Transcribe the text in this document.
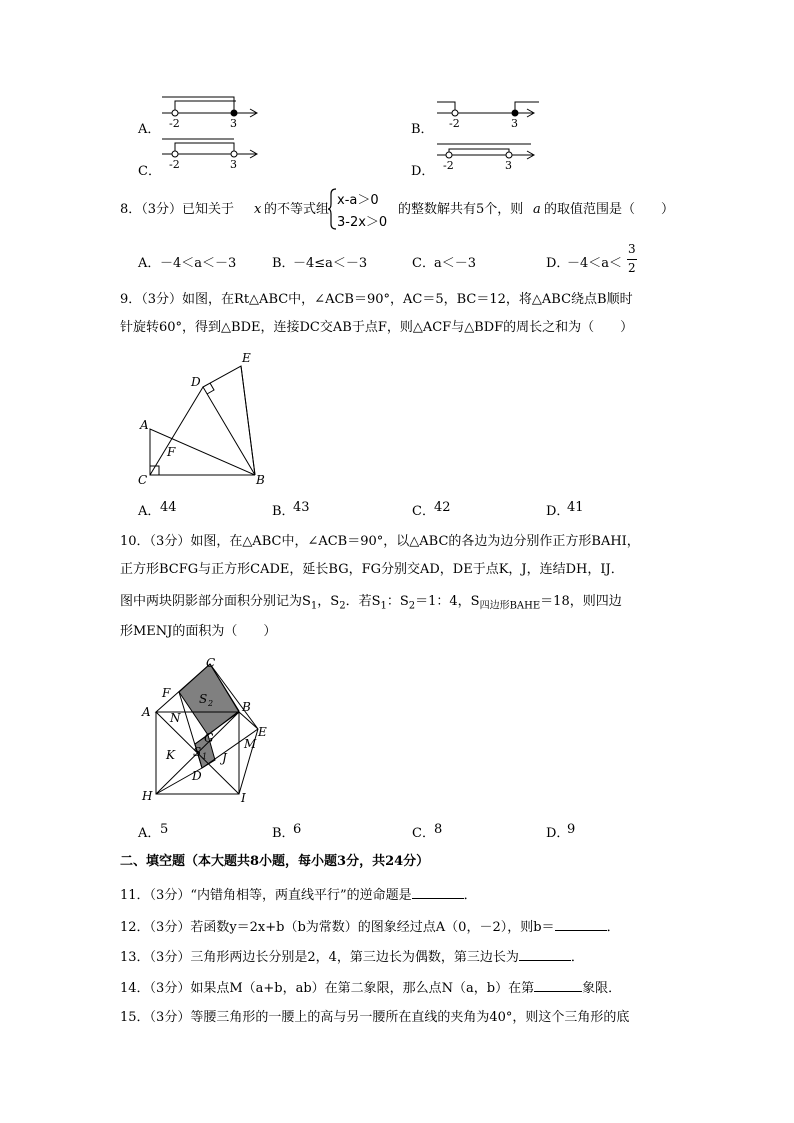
A． -2	3	B． -2	3
C． -2	3	D． -2	3
8．（3分）已知关于 x 的不等式组
x-a＞0
3-2x＞0
的整数解共有5个，则 a 的取值范围是（　　）
A． －4＜a＜－3	B．
－4≤a＜－3	C． a＜－3	D．
－4＜a＜
3
2
9．（3分）如图，在Rt△ABC中，∠ACB＝90°，AC＝5，BC＝12，将△ABC绕点B顺时
针旋转60°，得到△BDE，连接DC交AB于点F，则△ACF与△BDF的周长之和为（　　）
E
D
A
F
C	B
A． 44	B．
43	C． 42	D．
41
10．（3分）如图，在△ABC中，∠ACB＝90°，以△ABC的各边为边分别作正方形BAHI，
正方形BCFG与正方形CADE，延长BG，FG分别交AD，DE于点K，J，连结DH，IJ．
图中两块阴影部分面积分别记为$S_1$，$S_2$．若$S_1$：$S_2=1$：4，$S_{四边形BAHE}=18$，则四边
形MENJ的面积为（　　）
C
F S 2
A N
B
E
G	M
K S 1 J
D
H	I
A． 5	B．
6	C． 8	D．
9
二、填空题（本大题共8小题，每小题3分，共24分）
11．（3分）“内错角相等，两直线平行”的逆命题是	．
12．（3分）若函数y＝2x+b（b为常数）的图象经过点A（0，－2），则b＝	．
13．（3分）三角形两边长分别是2，4，第三边长为偶数，第三边长为	．
14．（3分）如果点M（a+b，ab）在第二象限，那么点N（a，b）在第	象限．
15．（3分）等腰三角形的一腰上的高与另一腰所在直线的夹角为40°，则这个三角形的底
